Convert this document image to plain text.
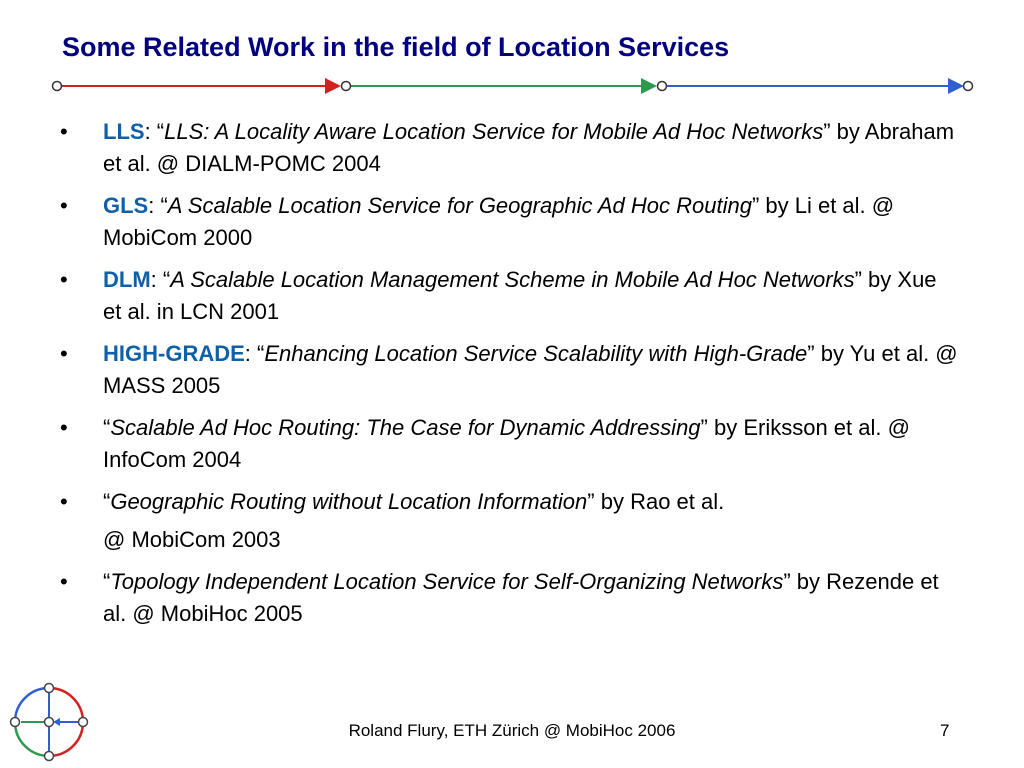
Some Related Work in the field of Location Services
• LLS: “LLS: A Locality Aware Location Service for Mobile Ad Hoc Networks” by Abraham et al. @ DIALM-POMC 2004
• GLS: “A Scalable Location Service for Geographic Ad Hoc Routing” by Li et al. @ MobiCom 2000
• DLM: “A Scalable Location Management Scheme in Mobile Ad Hoc Networks” by Xue et al. in LCN 2001
• HIGH-GRADE: “Enhancing Location Service Scalability with High-Grade” by Yu et al. @ MASS 2005
• “Scalable Ad Hoc Routing: The Case for Dynamic Addressing” by Eriksson et al. @ InfoCom 2004
• “Geographic Routing without Location Information” by Rao et al.
@ MobiCom 2003
• “Topology Independent Location Service for Self-Organizing Networks” by Rezende et al. @ MobiHoc 2005
Roland Flury, ETH Zürich @ MobiHoc 2006	7
